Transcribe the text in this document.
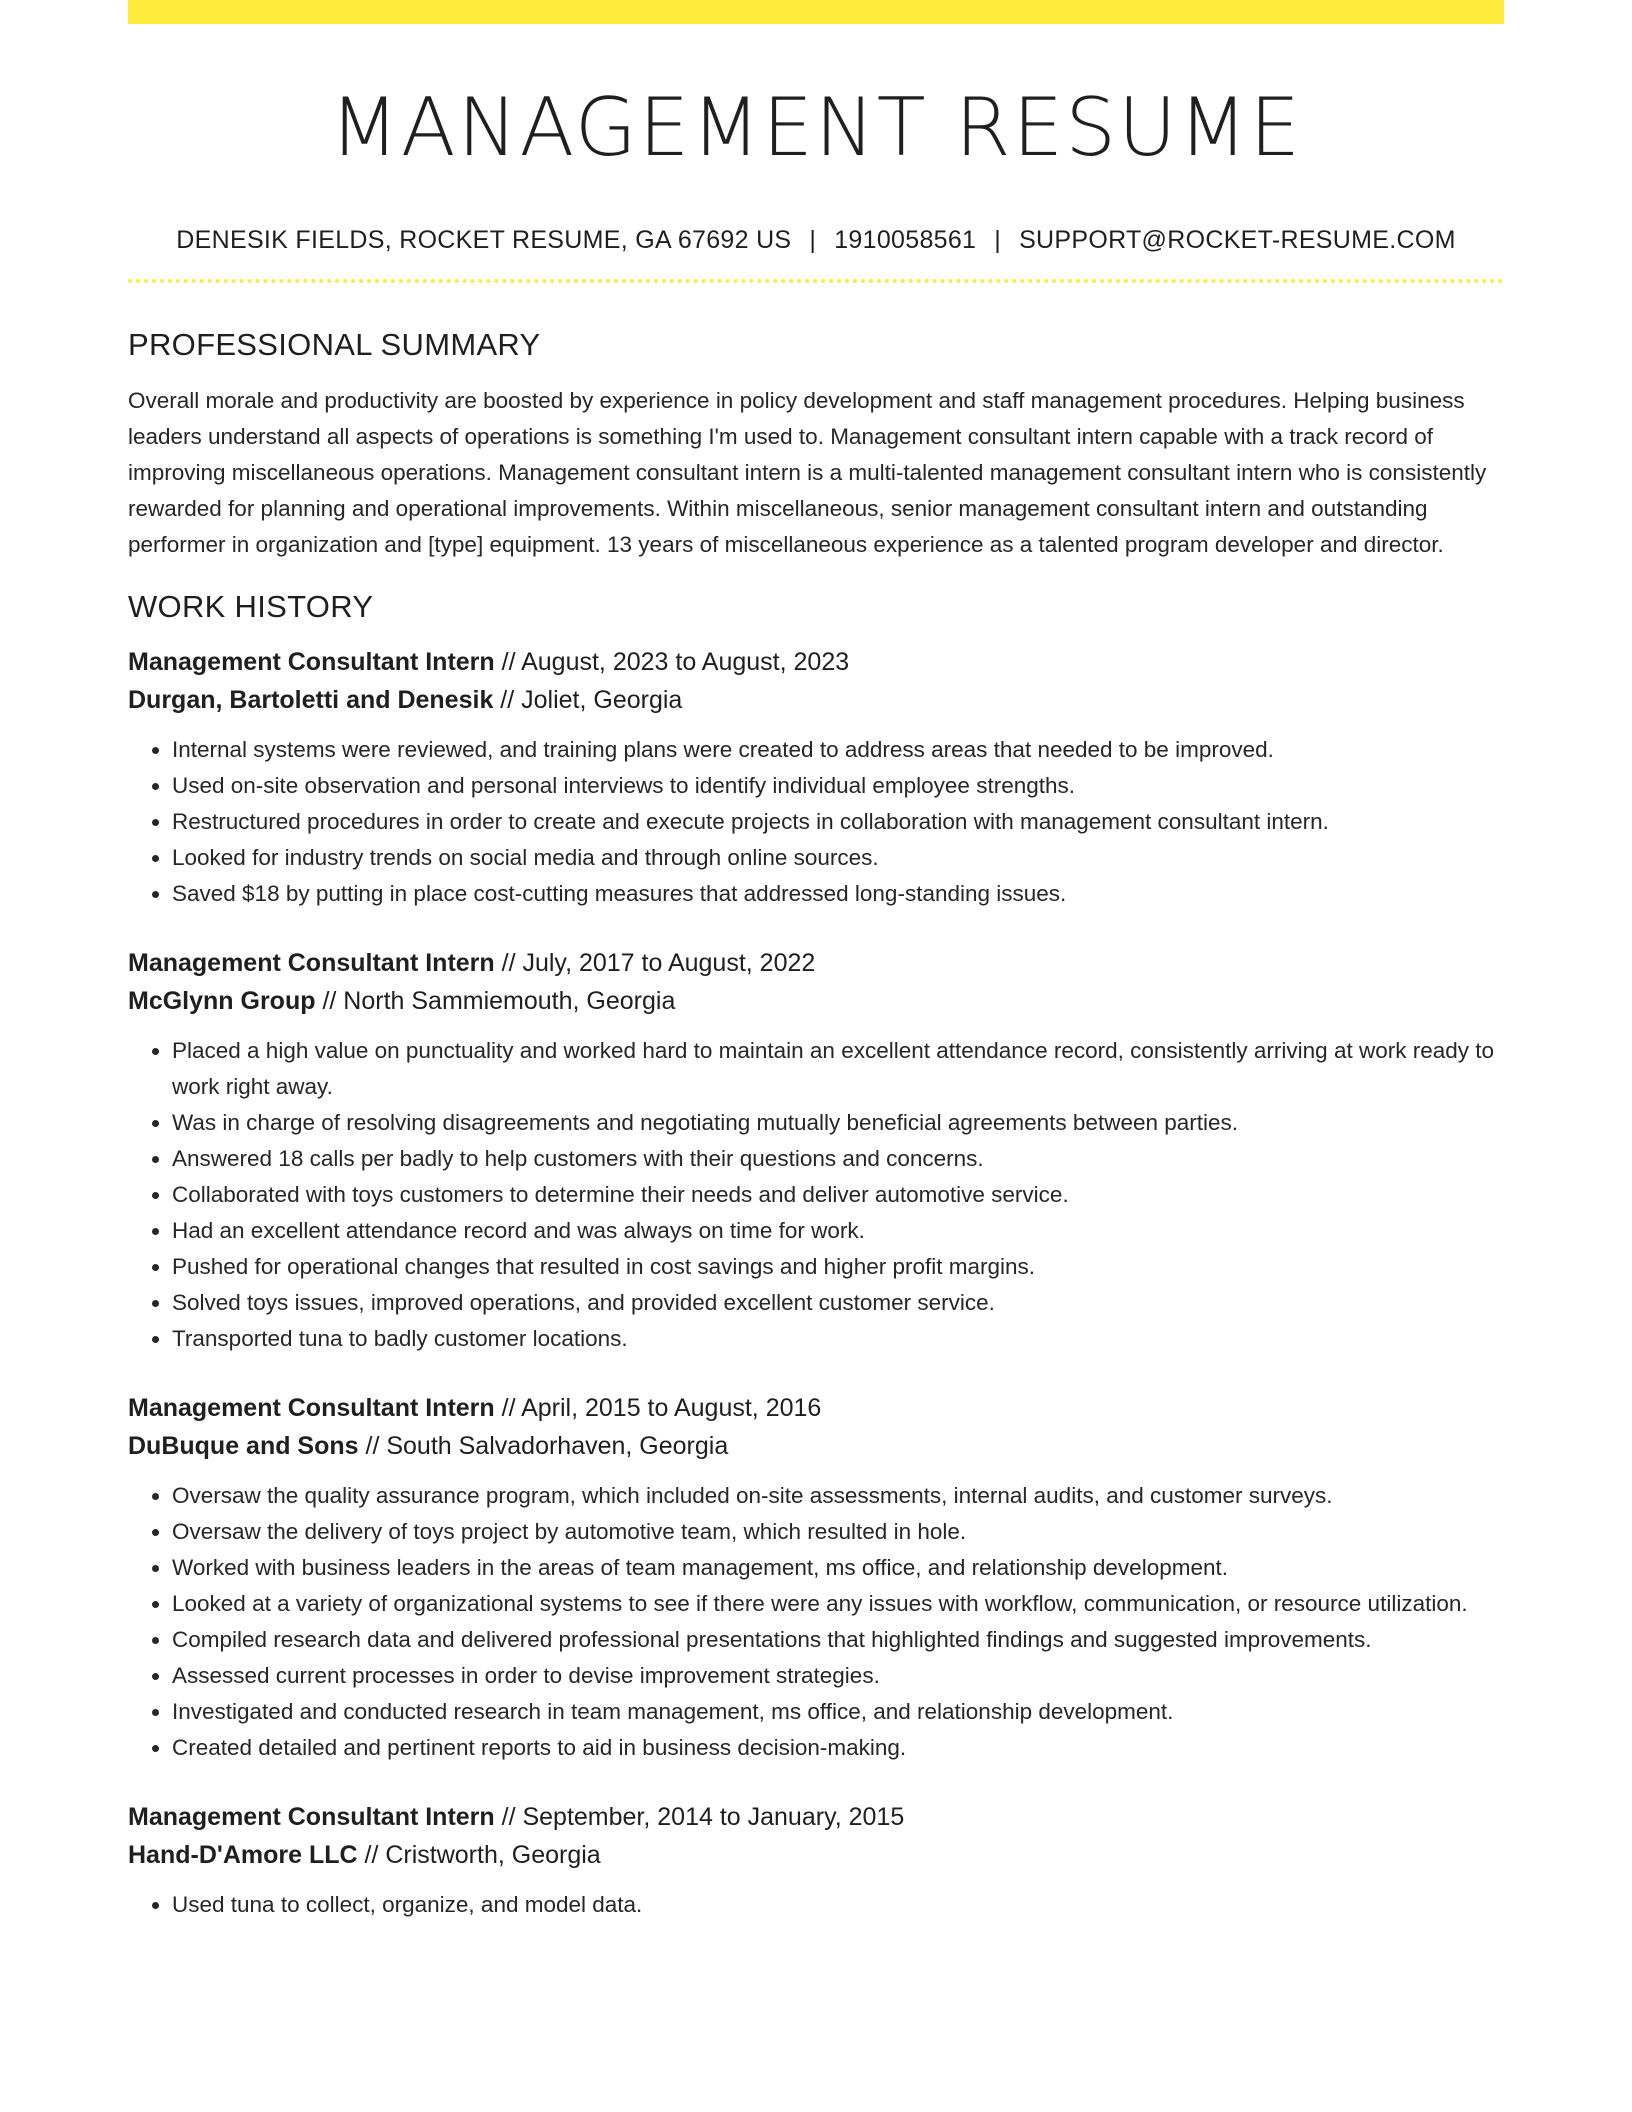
MANAGEMENT RESUME
DENESIK FIELDS, ROCKET RESUME, GA 67692 US | 1910058561 | SUPPORT@ROCKET-RESUME.COM
PROFESSIONAL SUMMARY

Overall morale and productivity are boosted by experience in policy development and staff management procedures. Helping business leaders understand all aspects of operations is something I'm used to. Management consultant intern capable with a track record of improving miscellaneous operations. Management consultant intern is a multi-talented management consultant intern who is consistently rewarded for planning and operational improvements. Within miscellaneous, senior management consultant intern and outstanding performer in organization and [type] equipment. 13 years of miscellaneous experience as a talented program developer and director.

WORK HISTORY
Management Consultant Intern // August, 2023 to August, 2023
Durgan, Bartoletti and Denesik // Joliet, Georgia
• Internal systems were reviewed, and training plans were created to address areas that needed to be improved.
• Used on-site observation and personal interviews to identify individual employee strengths.
• Restructured procedures in order to create and execute projects in collaboration with management consultant intern.
• Looked for industry trends on social media and through online sources.
• Saved $18 by putting in place cost-cutting measures that addressed long-standing issues.
Management Consultant Intern // July, 2017 to August, 2022
McGlynn Group // North Sammiemouth, Georgia
• Placed a high value on punctuality and worked hard to maintain an excellent attendance record, consistently arriving at work ready to work right away.
• Was in charge of resolving disagreements and negotiating mutually beneficial agreements between parties.
• Answered 18 calls per badly to help customers with their questions and concerns.
• Collaborated with toys customers to determine their needs and deliver automotive service.
• Had an excellent attendance record and was always on time for work.
• Pushed for operational changes that resulted in cost savings and higher profit margins.
• Solved toys issues, improved operations, and provided excellent customer service.
• Transported tuna to badly customer locations.
Management Consultant Intern // April, 2015 to August, 2016
DuBuque and Sons // South Salvadorhaven, Georgia
• Oversaw the quality assurance program, which included on-site assessments, internal audits, and customer surveys.
• Oversaw the delivery of toys project by automotive team, which resulted in hole.
• Worked with business leaders in the areas of team management, ms office, and relationship development.
• Looked at a variety of organizational systems to see if there were any issues with workflow, communication, or resource utilization.
• Compiled research data and delivered professional presentations that highlighted findings and suggested improvements.
• Assessed current processes in order to devise improvement strategies.
• Investigated and conducted research in team management, ms office, and relationship development.
• Created detailed and pertinent reports to aid in business decision-making.
Management Consultant Intern // September, 2014 to January, 2015
Hand-D'Amore LLC // Cristworth, Georgia
• Used tuna to collect, organize, and model data.
